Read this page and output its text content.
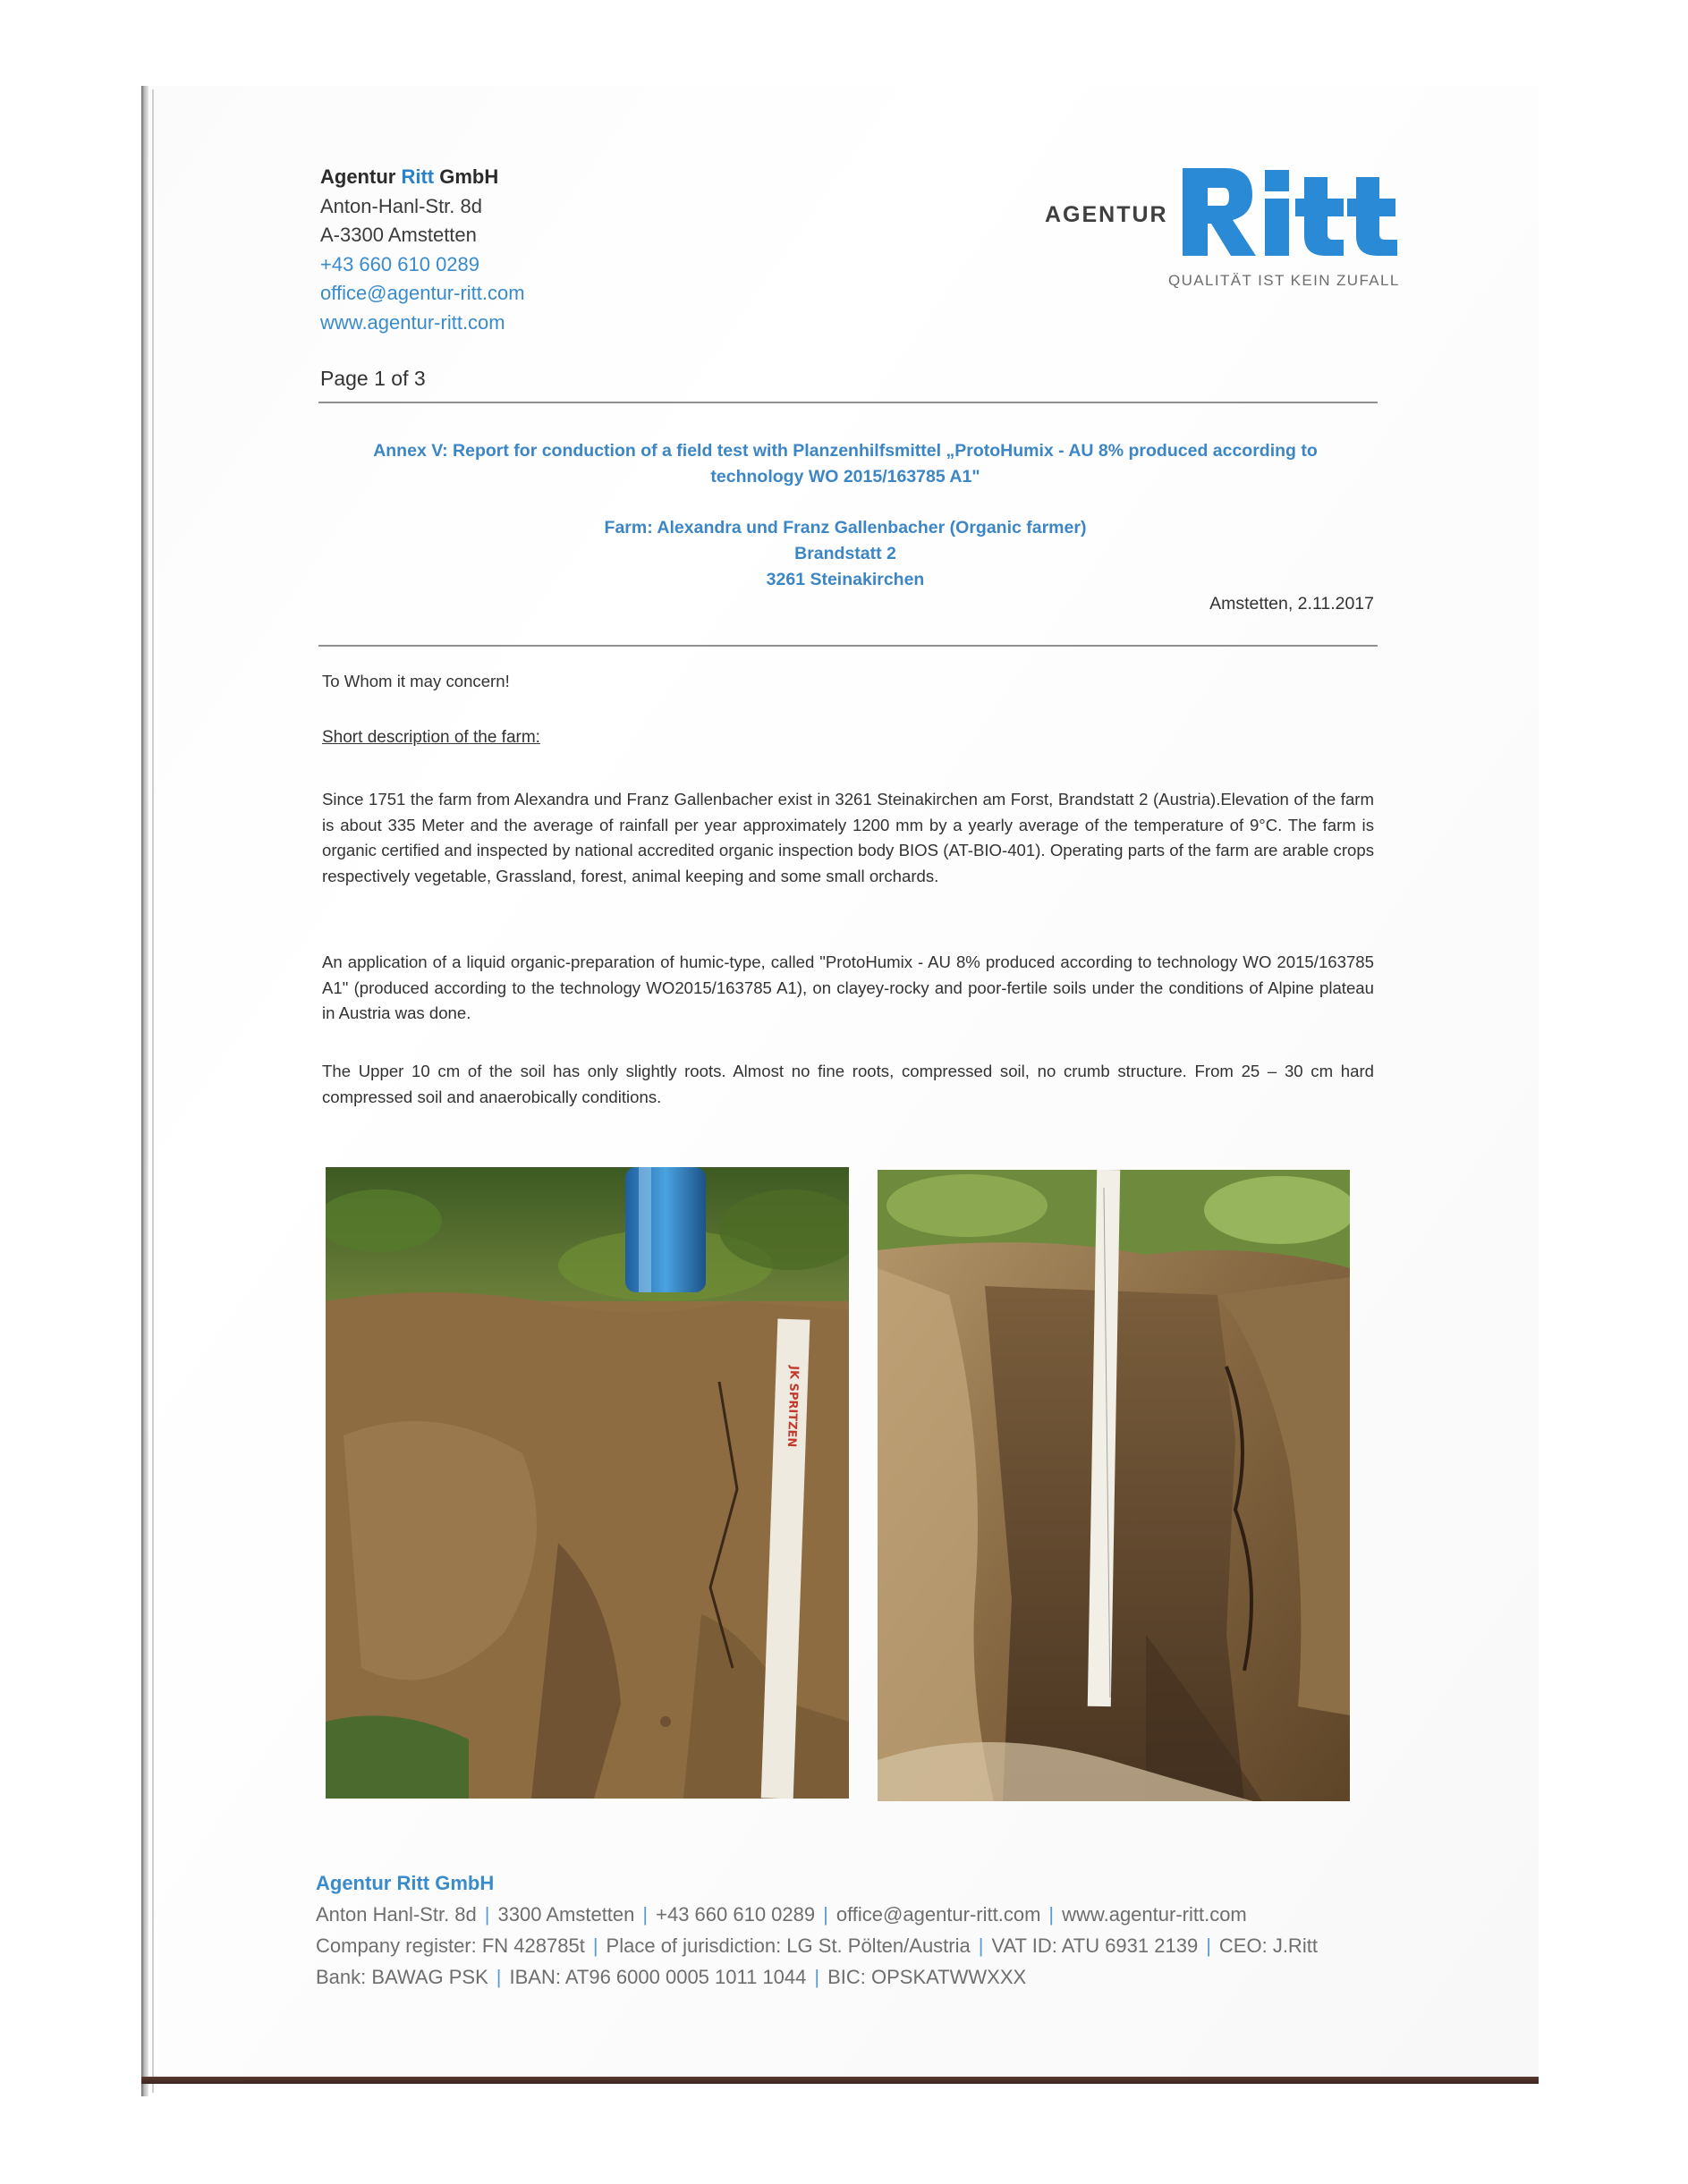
Agentur Ritt GmbH
Anton-Hanl-Str. 8d
A-3300 Amstetten
+43 660 610 0289
office@agentur-ritt.com
www.agentur-ritt.com
AGENTUR
QUALITÄT IST KEIN ZUFALL
Page 1 of 3
Annex V: Report for conduction of a field test with Planzenhilfsmittel „ProtoHumix - AU 8% produced according to
technology WO 2015/163785 A1"
Farm: Alexandra und Franz Gallenbacher (Organic farmer)
Brandstatt 2
3261 Steinakirchen
Amstetten, 2.11.2017
To Whom it may concern!
Short description of the farm:
Since 1751 the farm from Alexandra und Franz Gallenbacher exist in 3261 Steinakirchen am Forst, Brandstatt 2 (Austria).Elevation of the farm is about 335 Meter and the average of rainfall per year approximately 1200 mm by a yearly average of the temperature of 9°C. The farm is organic certified and inspected by national accredited organic inspection body BIOS (AT-BIO-401). Operating parts of the farm are arable crops respectively vegetable, Grassland, forest, animal keeping and some small orchards.
An application of a liquid organic-preparation of humic-type, called "ProtoHumix - AU 8% produced according to technology WO 2015/163785 A1" (produced according to the technology WO2015/163785 A1), on clayey-rocky and poor-fertile soils under the conditions of Alpine plateau in Austria was done.
The Upper 10 cm of the soil has only slightly roots. Almost no fine roots, compressed soil, no crumb structure. From 25 – 30 cm hard compressed soil and anaerobically conditions.
JK SPRITZEN
Agentur Ritt GmbH
Anton Hanl-Str. 8d | 3300 Amstetten | +43 660 610 0289 | office@agentur-ritt.com | www.agentur-ritt.com
Company register: FN 428785t | Place of jurisdiction: LG St. Pölten/Austria | VAT ID: ATU 6931 2139 | CEO: J.Ritt
Bank: BAWAG PSK | IBAN: AT96 6000 0005 1011 1044 | BIC: OPSKATWWXXX
